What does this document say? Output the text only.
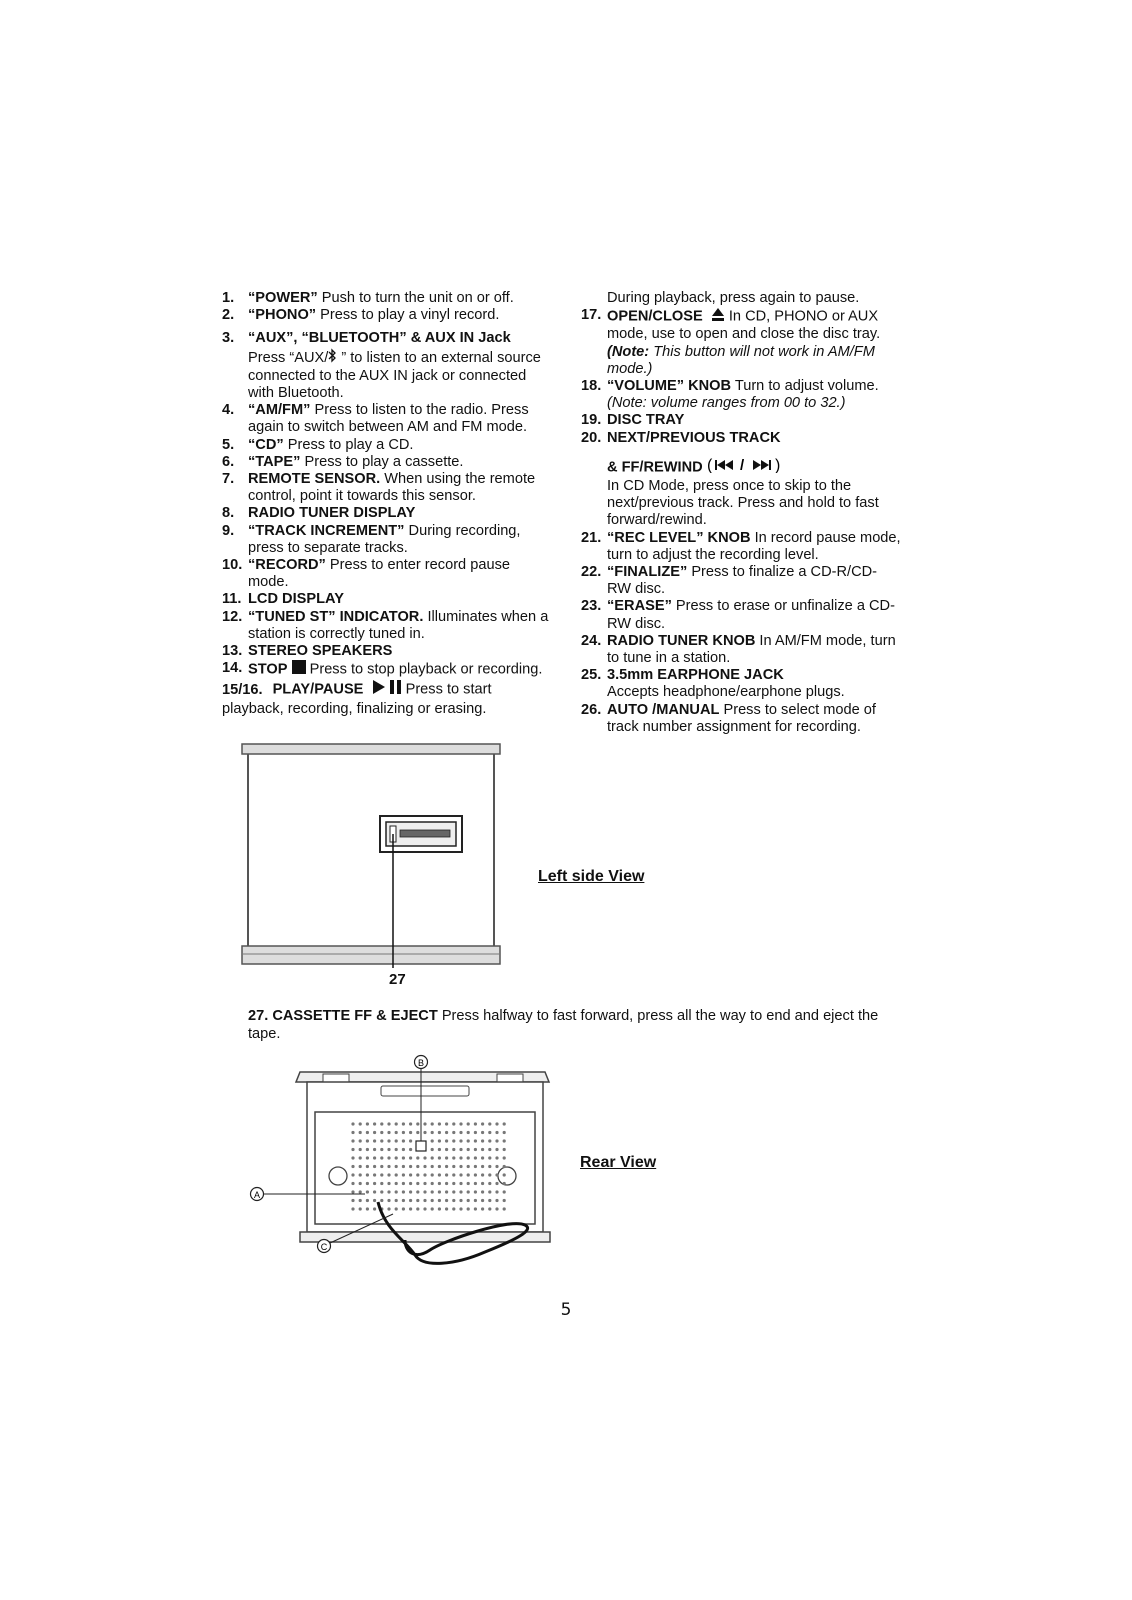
1. “POWER” Push to turn the unit on or off.
2. “PHONO” Press to play a vinyl record.
3. “AUX”, “BLUETOOTH” & AUX IN Jack
Press “AUX/ ” to listen to an external source connected to the AUX IN jack or connected with Bluetooth.
4. “AM/FM” Press to listen to the radio. Press again to switch between AM and FM mode.
5. “CD” Press to play a CD.
6. “TAPE” Press to play a cassette.
7. REMOTE SENSOR. When using the remote control, point it towards this sensor.
8. RADIO TUNER DISPLAY
9. “TRACK INCREMENT” During recording, press to separate tracks.
10. “RECORD” Press to enter record pause mode.
11. LCD DISPLAY
12. “TUNED ST” INDICATOR. Illuminates when a station is correctly tuned in.
13. STEREO SPEAKERS
14. STOP  Press to stop playback or recording.
15/16. PLAY/PAUSE	Press to start playback, recording, finalizing or erasing.
During playback, press again to pause.
17. OPEN/CLOSE   In CD, PHONO or AUX mode, use to open and close the disc tray.
(Note: This button will not work in AM/FM mode.)
18. “VOLUME” KNOB Turn to adjust volume.
(Note: volume ranges from 00 to 32.)
19. DISC TRAY
20. NEXT/PREVIOUS TRACK
& FF/REWIND ( / )

In CD Mode, press once to skip to the next/previous track. Press and hold to fast forward/rewind.
21. “REC LEVEL” KNOB In record pause mode, turn to adjust the recording level.
22. “FINALIZE” Press to finalize a CD-R/CD-RW disc.
23. “ERASE” Press to erase or unfinalize a CD-RW disc.
24. RADIO TUNER KNOB In AM/FM mode, turn to tune in a station.
25. 3.5mm EARPHONE JACK
Accepts headphone/earphone plugs.
26. AUTO /MANUAL Press to select mode of track number assignment for recording.
27
Left side View
27. CASSETTE FF & EJECT Press halfway to fast forward, press all the way to end and eject the tape.
A
B
C
Rear View
5
